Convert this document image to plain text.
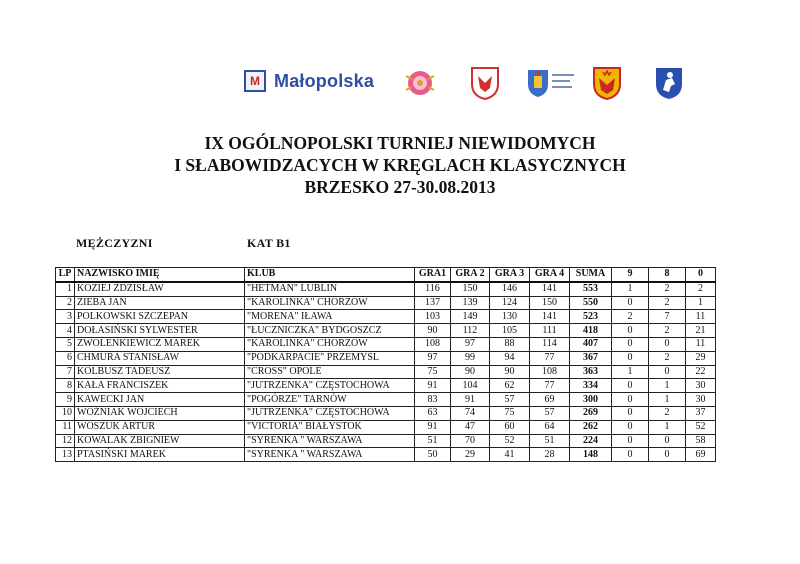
M Małopolska
IX OGÓLNOPOLSKI TURNIEJ NIEWIDOMYCH
I SŁABOWIDZACYCH W KRĘGLACH KLASYCZNYCH
BRZESKO 27-30.08.2013
MĘŻCZYZNI	KAT B1
LP	NAZWISKO IMIĘ	KLUB	GRA1	GRA 2	GRA 3	GRA 4	SUMA	9	8	0
1	KOZIEJ ZDZISŁAW	"HETMAN" LUBLIN	116	150	146	141	553	1	2	2
2	ZIEBA JAN	"KAROLINKA" CHORZÓW	137	139	124	150	550	0	2	1
3	POLKOWSKI SZCZEPAN	"MORENA" IŁAWA	103	149	130	141	523	2	7	11
4	DOŁASIŃSKI SYLWESTER	"ŁUCZNICZKA" BYDGOSZCZ	90	112	105	111	418	0	2	21
5	ZWOLENKIEWICZ MAREK	"KAROLINKA" CHORZÓW	108	97	88	114	407	0	0	11
6	CHMURA STANISŁAW	"PODKARPACIE" PRZEMYŚL	97	99	94	77	367	0	2	29
7	KOLBUSZ TADEUSZ	"CROSS" OPOLE	75	90	90	108	363	1	0	22
8	KAŁA FRANCISZEK	"JUTRZENKA" CZĘSTOCHOWA	91	104	62	77	334	0	1	30
9	KAWECKI JAN	"POGÓRZE" TARNÓW	83	91	57	69	300	0	1	30
10	WOŹNIAK WOJCIECH	"JUTRZENKA" CZĘSTOCHOWA	63	74	75	57	269	0	2	37
11	WOSZUK ARTUR	"VICTORIA" BIAŁYSTOK	91	47	60	64	262	0	1	52
12	KOWALAK ZBIGNIEW	"SYRENKA " WARSZAWA	51	70	52	51	224	0	0	58
13	PTASIŃSKI MAREK	"SYRENKA " WARSZAWA	50	29	41	28	148	0	0	69
